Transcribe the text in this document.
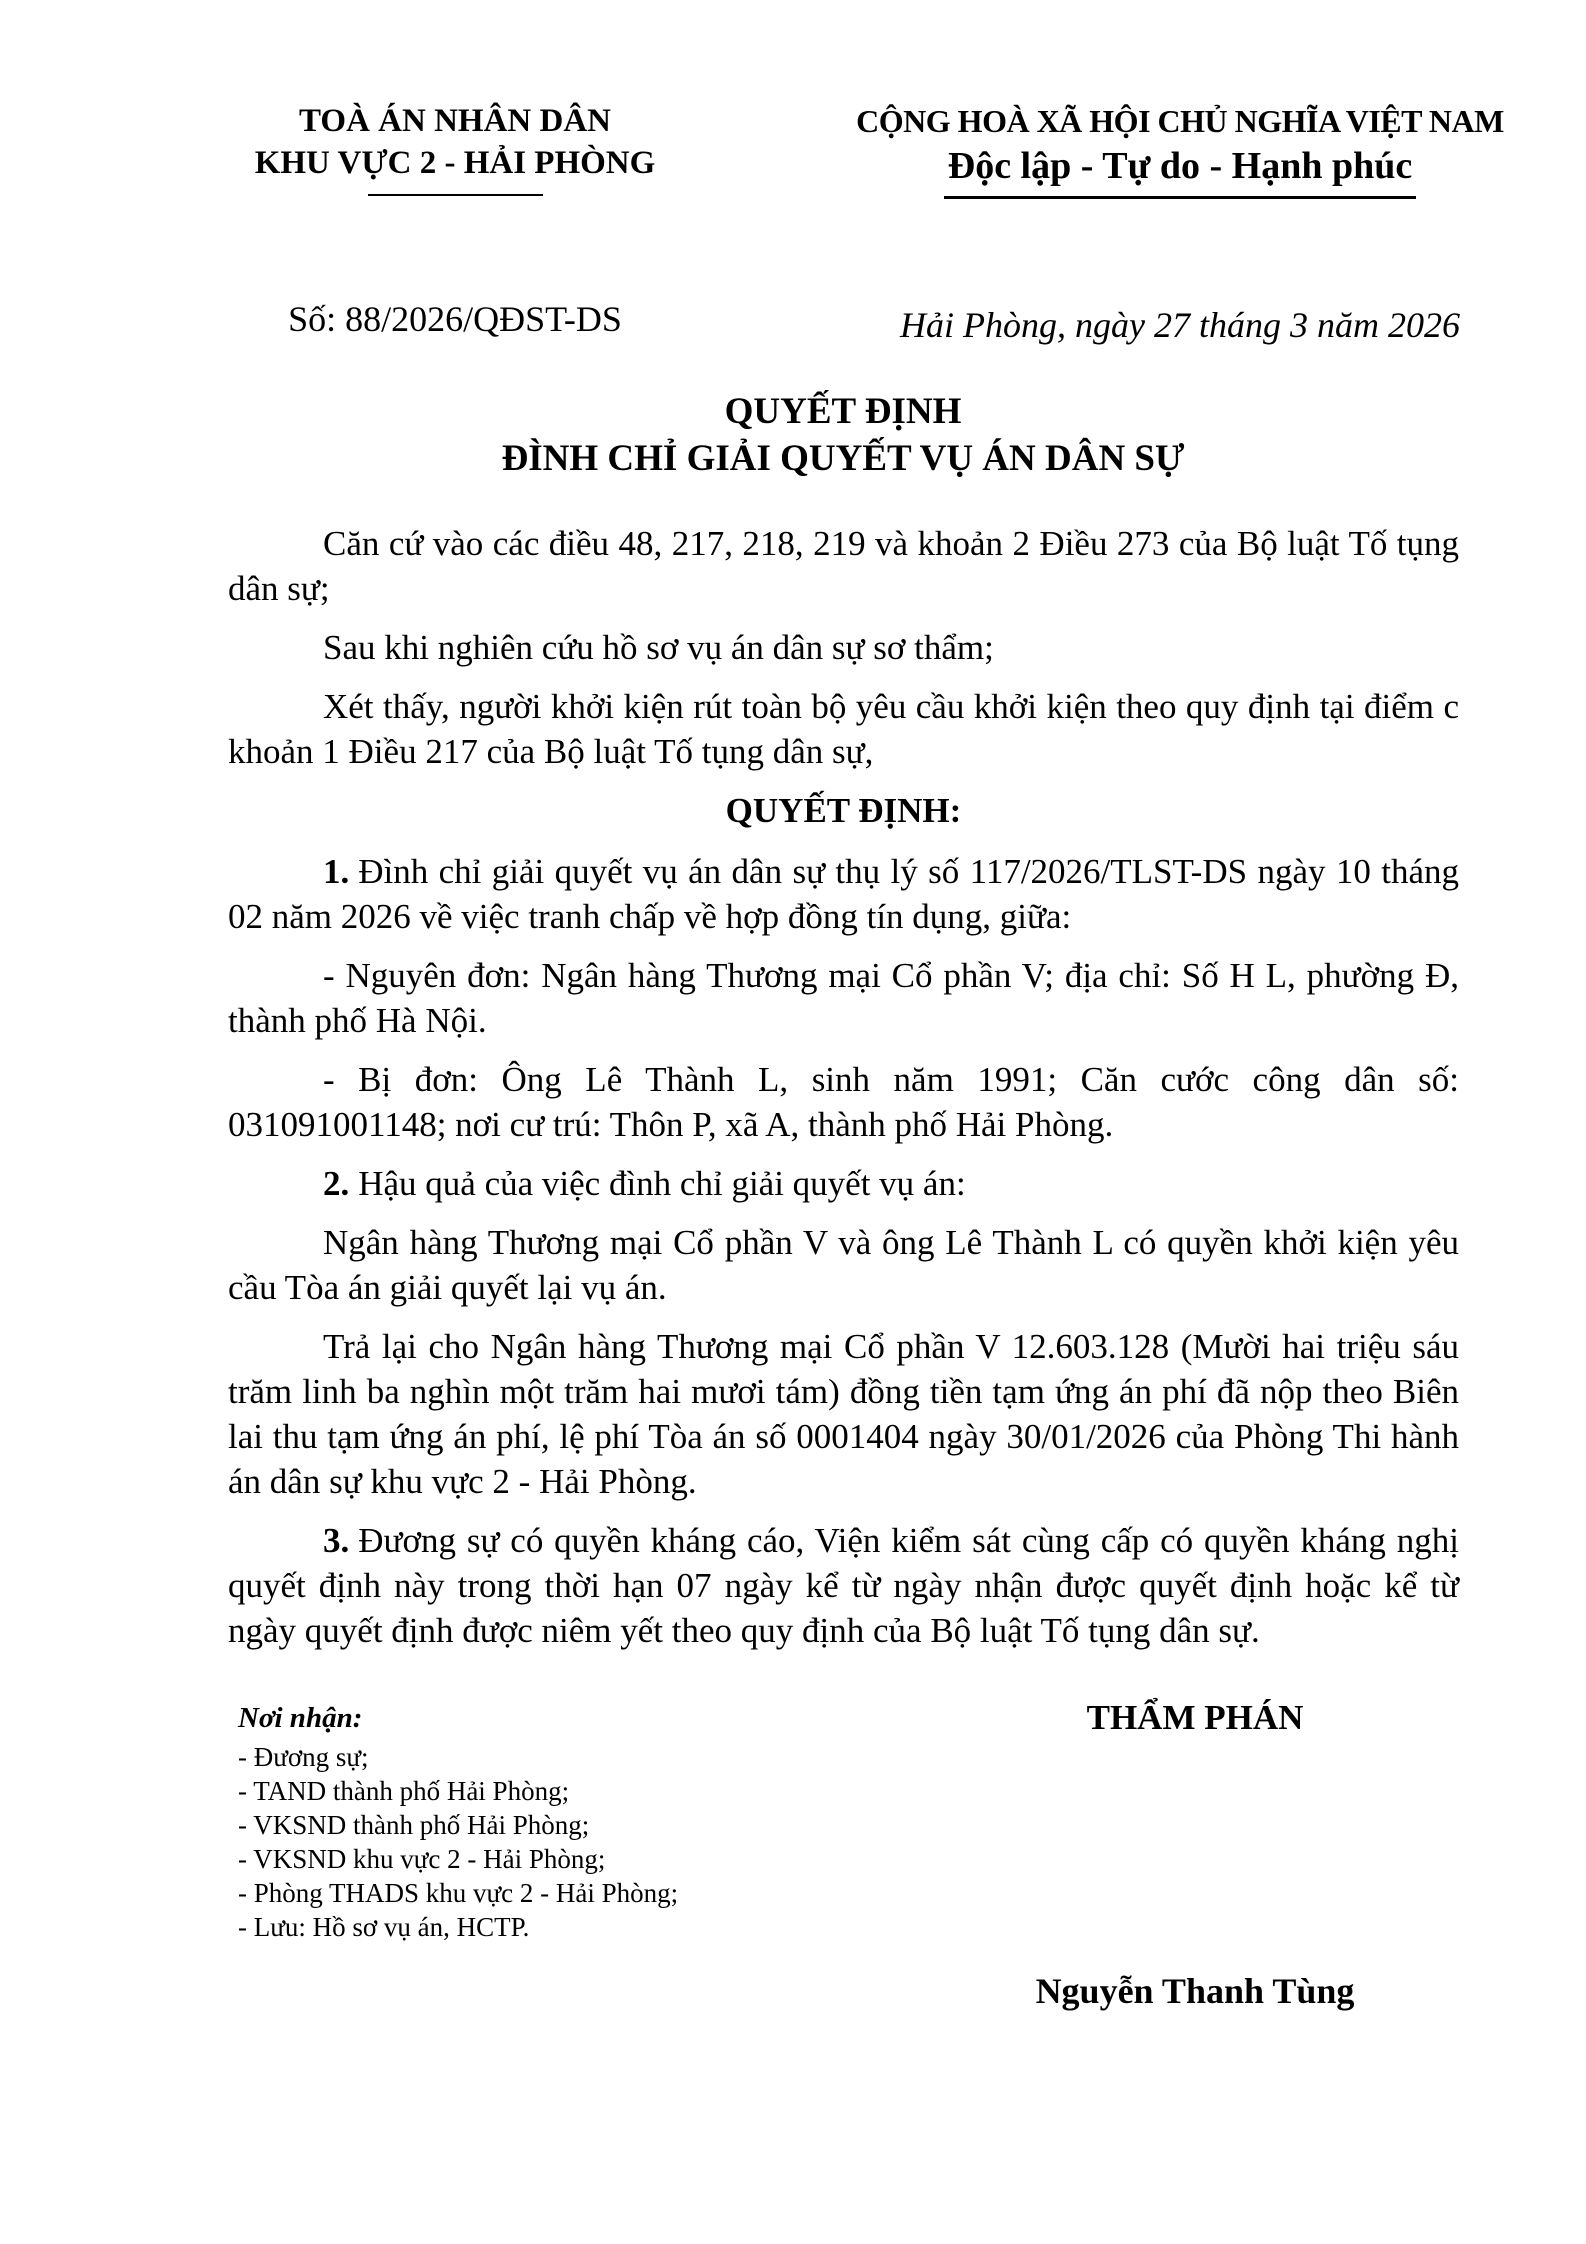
TOÀ ÁN NHÂN DÂN
KHU VỰC 2 - HẢI PHÒNG
CỘNG HOÀ XÃ HỘI CHỦ NGHĨA VIỆT NAM
Độc lập - Tự do - Hạnh phúc
Số: 88/2026/QĐST-DS	Hải Phòng, ngày 27 tháng 3 năm 2026
QUYẾT ĐỊNH
ĐÌNH CHỈ GIẢI QUYẾT VỤ ÁN DÂN SỰ

Căn cứ vào các điều 48, 217, 218, 219 và khoản 2 Điều 273 của Bộ luật Tố tụng dân sự;

Sau khi nghiên cứu hồ sơ vụ án dân sự sơ thẩm;

Xét thấy, người khởi kiện rút toàn bộ yêu cầu khởi kiện theo quy định tại điểm c khoản 1 Điều 217 của Bộ luật Tố tụng dân sự,

QUYẾT ĐỊNH:

1. Đình chỉ giải quyết vụ án dân sự thụ lý số 117/2026/TLST-DS ngày 10 tháng 02 năm 2026 về việc tranh chấp về hợp đồng tín dụng, giữa:

- Nguyên đơn: Ngân hàng Thương mại Cổ phần V; địa chỉ: Số H L, phường Đ, thành phố Hà Nội.

- Bị đơn: Ông Lê Thành L, sinh năm 1991; Căn cước công dân số: 031091001148; nơi cư trú: Thôn P, xã A, thành phố Hải Phòng.

2. Hậu quả của việc đình chỉ giải quyết vụ án:

Ngân hàng Thương mại Cổ phần V và ông Lê Thành L có quyền khởi kiện yêu cầu Tòa án giải quyết lại vụ án.

Trả lại cho Ngân hàng Thương mại Cổ phần V 12.603.128 (Mười hai triệu sáu trăm linh ba nghìn một trăm hai mươi tám) đồng tiền tạm ứng án phí đã nộp theo Biên lai thu tạm ứng án phí, lệ phí Tòa án số 0001404 ngày 30/01/2026 của Phòng Thi hành án dân sự khu vực 2 - Hải Phòng.

3. Đương sự có quyền kháng cáo, Viện kiểm sát cùng cấp có quyền kháng nghị quyết định này trong thời hạn 07 ngày kể từ ngày nhận được quyết định hoặc kể từ ngày quyết định được niêm yết theo quy định của Bộ luật Tố tụng dân sự.

Nơi nhận:
- Đương sự;
- TAND thành phố Hải Phòng;
- VKSND thành phố Hải Phòng;
- VKSND khu vực 2 - Hải Phòng;
- Phòng THADS khu vực 2 - Hải Phòng;
- Lưu: Hồ sơ vụ án, HCTP.
THẨM PHÁN
Nguyễn Thanh Tùng
